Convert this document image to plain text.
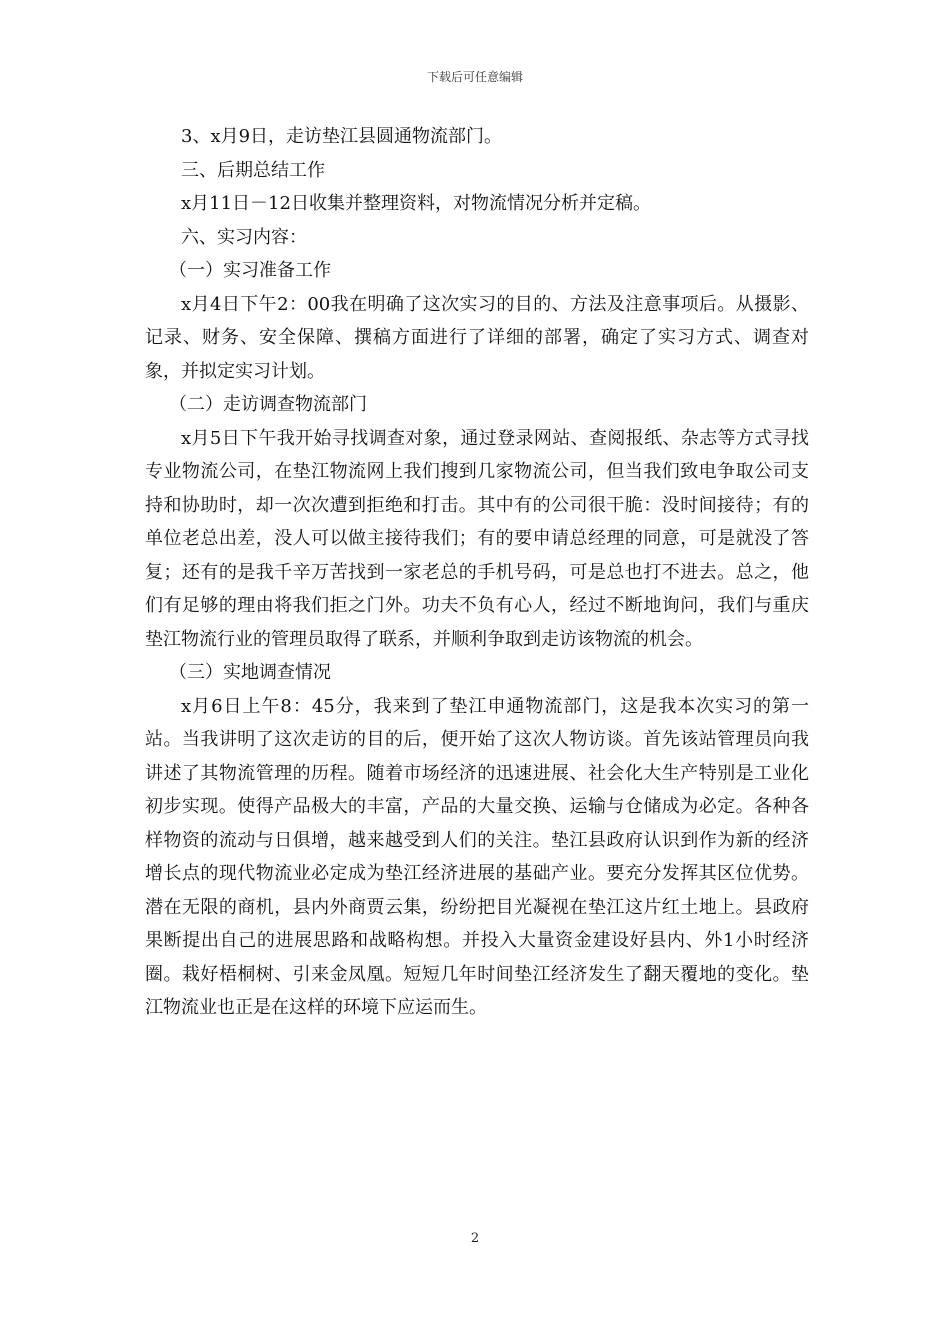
下载后可任意编辑

3、x月9日，走访垫江县圆通物流部门。

三、后期总结工作

x月11日－12日收集并整理资料，对物流情况分析并定稿。

六、实习内容：

（一）实习准备工作

x月4日下午2：00我在明确了这次实习的目的、方法及注意事项后。从摄影、记录、财务、安全保障、撰稿方面进行了详细的部署，确定了实习方式、调查对象，并拟定实习计划。

（二）走访调查物流部门

x月5日下午我开始寻找调查对象，通过登录网站、查阅报纸、杂志等方式寻找专业物流公司，在垫江物流网上我们搜到几家物流公司，但当我们致电争取公司支持和协助时，却一次次遭到拒绝和打击。其中有的公司很干脆：没时间接待；有的单位老总出差，没人可以做主接待我们；有的要申请总经理的同意，可是就没了答复；还有的是我千辛万苦找到一家老总的手机号码，可是总也打不进去。总之，他们有足够的理由将我们拒之门外。功夫不负有心人，经过不断地询问，我们与重庆垫江物流行业的管理员取得了联系，并顺利争取到走访该物流的机会。

（三）实地调查情况

x月6日上午8：45分，我来到了垫江申通物流部门，这是我本次实习的第一站。当我讲明了这次走访的目的后，便开始了这次人物访谈。首先该站管理员向我讲述了其物流管理的历程。随着市场经济的迅速进展、社会化大生产特别是工业化初步实现。使得产品极大的丰富，产品的大量交换、运输与仓储成为必定。各种各样物资的流动与日俱增，越来越受到人们的关注。垫江县政府认识到作为新的经济增长点的现代物流业必定成为垫江经济进展的基础产业。要充分发挥其区位优势。潜在无限的商机，县内外商贾云集，纷纷把目光凝视在垫江这片红土地上。县政府果断提出自己的进展思路和战略构想。并投入大量资金建设好县内、外1小时经济圈。栽好梧桐树、引来金凤凰。短短几年时间垫江经济发生了翻天覆地的变化。垫江物流业也正是在这样的环境下应运而生。

2
